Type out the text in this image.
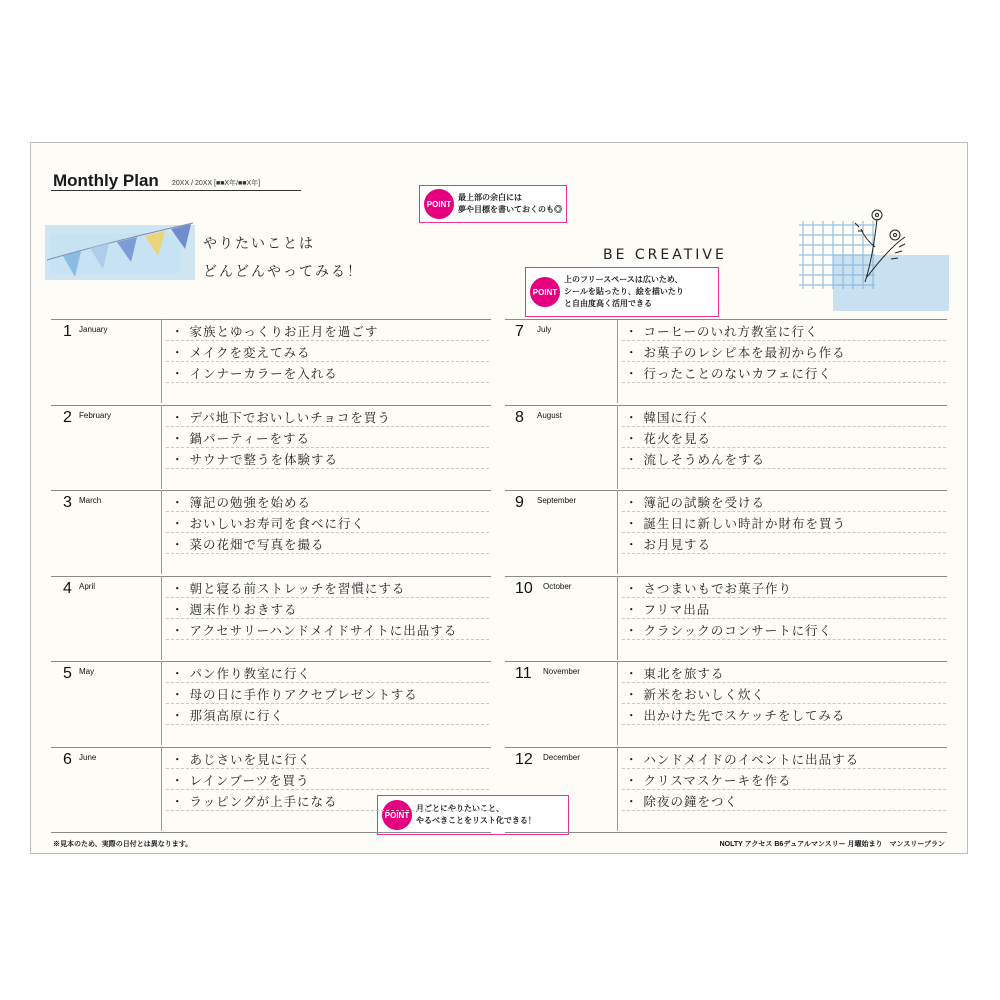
Monthly Plan 20XX / 20XX [■■X年/■■X年]
やりたいことは
どんどんやってみる！
BE CREATIVE
POINT
最上部の余白には
夢や目標を書いておくのも◎
POINT
上のフリースペースは広いため、
シールを貼ったり、絵を描いたり
と自由度高く活用できる
POINT
月ごとにやりたいこと、
やるべきことをリスト化できる！
※見本のため、実際の日付とは異なります。	NOLTY アクセス B6デュアルマンスリー 月曜始まり　マンスリープラン
1 January	・ 家族とゆっくりお正月を過ごす
・ メイクを変えてみる
・ インナーカラーを入れる
2 February	・ デパ地下でおいしいチョコを買う
・ 鍋パーティーをする
・ サウナで整うを体験する
3 March	・ 簿記の勉強を始める
・ おいしいお寿司を食べに行く
・ 菜の花畑で写真を撮る
4 April	・ 朝と寝る前ストレッチを習慣にする
・ 週末作りおきする
・ アクセサリーハンドメイドサイトに出品する
5 May	・ パン作り教室に行く
・ 母の日に手作りアクセプレゼントする
・ 那須高原に行く
6 June	・ あじさいを見に行く
・ レインブーツを買う
・ ラッピングが上手になる
7 July	・ コーヒーのいれ方教室に行く
・ お菓子のレシピ本を最初から作る
・ 行ったことのないカフェに行く
8 August	・ 韓国に行く
・ 花火を見る
・ 流しそうめんをする
9 September	・ 簿記の試験を受ける
・ 誕生日に新しい時計か財布を買う
・ お月見する
10 October	・ さつまいもでお菓子作り
・ フリマ出品
・ クラシックのコンサートに行く
11 November	・ 東北を旅する
・ 新米をおいしく炊く
・ 出かけた先でスケッチをしてみる
12 December	・ ハンドメイドのイベントに出品する
・ クリスマスケーキを作る
・ 除夜の鐘をつく
